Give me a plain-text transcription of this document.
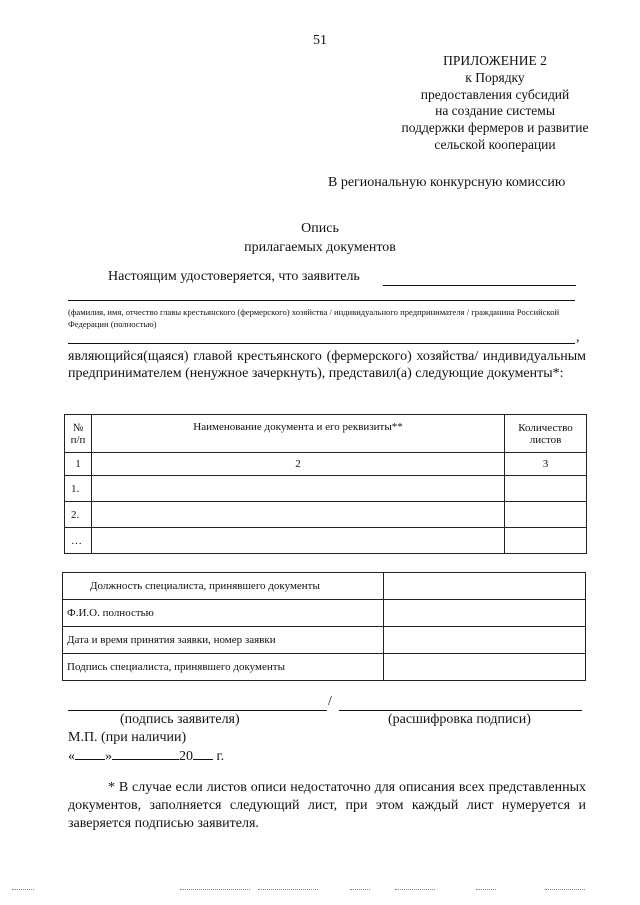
51
ПРИЛОЖЕНИЕ 2
к Порядку
предоставления субсидий
на создание системы
поддержки фермеров и развитие
сельской кооперации
В региональную конкурсную комиссию
Опись
прилагаемых документов
Настоящим удостоверяется, что заявитель
(фамилия, имя, отчество главы крестьянского (фермерского) хозяйства / индивидуального предпринимателя / гражданина Российской Федерации (полностью)
,
являющийся(щаяся) главой крестьянского (фермерского) хозяйства/ индивидуальным предпринимателем (ненужное зачеркнуть), представил(а) следующие документы*:
№ п/п	Наименование документа и его реквизиты**	Количество листов
1	2	3
1.		
2.		
…		
Должность специалиста, принявшего документы	
Ф.И.О. полностью	
Дата и время принятия заявки, номер заявки	
Подпись специалиста, принявшего документы	
/
(подпись заявителя)	(расшифровка подписи)
М.П. (при наличии)
« »	20 г.
* В случае если листов описи недостаточно для описания всех представленных документов, заполняется следующий лист, при этом каждый лист нумеруется и заверяется подписью заявителя.
